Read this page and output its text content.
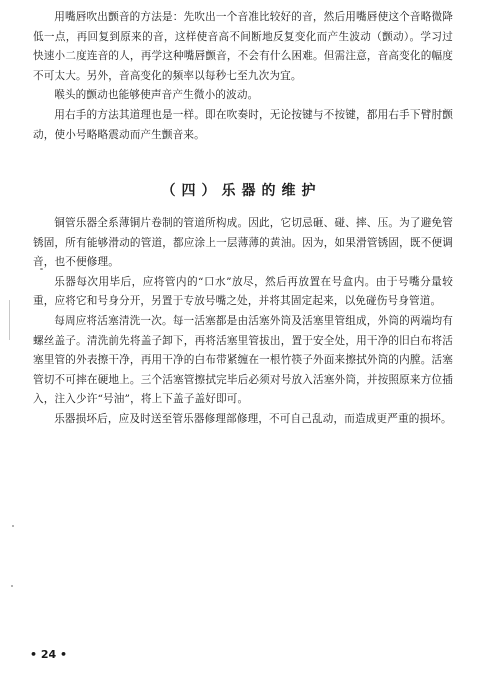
用嘴唇吹出颤音的方法是：先吹出一个音准比较好的音，然后用嘴唇使这个音略微降低一点，再回复到原来的音，这样使音高不间断地反复变化而产生波动（颤动）。学习过快速小二度连音的人，再学这种嘴唇颤音，不会有什么困难。但需注意，音高变化的幅度不可太大。另外，音高变化的频率以每秒七至九次为宜。

喉头的颤动也能够使声音产生微小的波动。

用右手的方法其道理也是一样。即在吹奏时，无论按键与不按键，都用右手下臂肘颤动，使小号略略震动而产生颤音来。

（四）乐器的维护

铜管乐器全系薄铜片卷制的管道所构成。因此，它切忌砸、碰、摔、压。为了避免管锈固，所有能够滑动的管道，都应涂上一层薄薄的黄油。因为，如果滑管锈固，既不便调音，也不便修理。

乐器每次用毕后，应将管内的“口水”放尽，然后再放置在号盒内。由于号嘴分量较重，应将它和号身分开，另置于专放号嘴之处，并将其固定起来，以免碰伤号身管道。

每周应将活塞清洗一次。每一活塞都是由活塞外筒及活塞里管组成，外筒的两端均有螺丝盖子。清洗前先将盖子卸下，再将活塞里管拔出，置于安全处，用干净的旧白布将活塞里管的外表擦干净，再用干净的白布带紧缠在一根竹筷子外面来擦拭外筒的内膛。活塞管切不可摔在硬地上。三个活塞管擦拭完毕后必须对号放入活塞外筒，并按照原来方位插入，注入少许“号油”，将上下盖子盖好即可。

乐器损坏后，应及时送至管乐器修理部修理，不可自己乱动，而造成更严重的损坏。

• 24 •
